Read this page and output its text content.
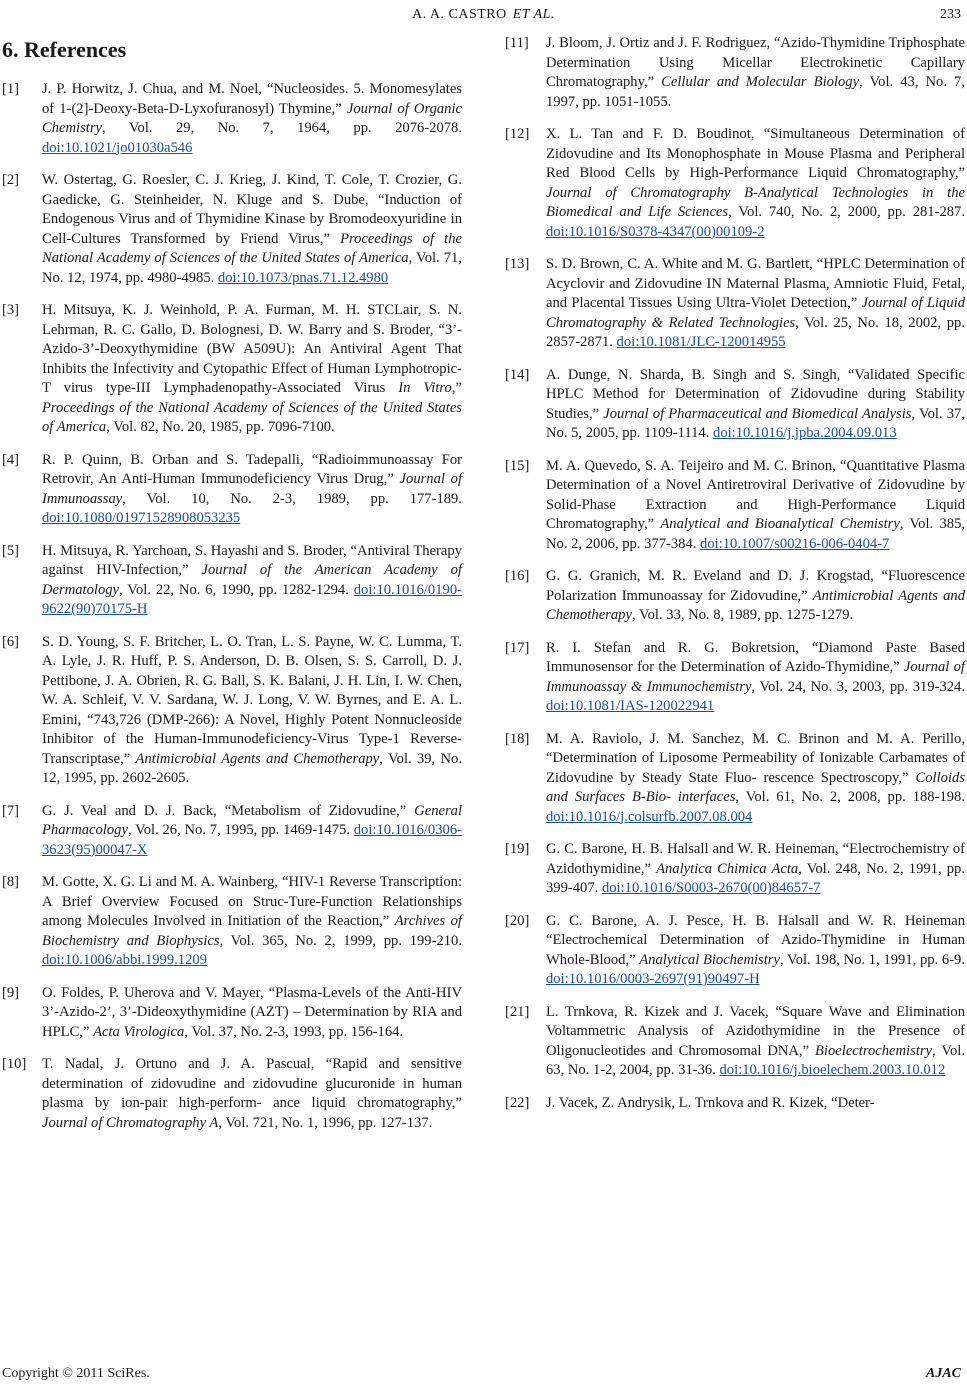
A. A. CASTRO ET AL.	233
6. References
[1] J. P. Horwitz, J. Chua, and M. Noel, “Nucleosides. 5. Monomesylates of 1-(2]-Deoxy-Beta-D-Lyxofuranosyl) Thymine,” Journal of Organic Chemistry, Vol. 29, No. 7, 1964, pp. 2076-2078. doi:10.1021/jo01030a546
[2] W. Ostertag, G. Roesler, C. J. Krieg, J. Kind, T. Cole, T. Crozier, G. Gaedicke, G. Steinheider, N. Kluge and S. Dube, “Induction of Endogenous Virus and of Thymidine Kinase by Bromodeoxyuridine in Cell-Cultures Transformed by Friend Virus,” Proceedings of the National Academy of Sciences of the United States of America, Vol. 71, No. 12, 1974, pp. 4980-4985. doi:10.1073/pnas.71.12.4980
[3] H. Mitsuya, K. J. Weinhold, P. A. Furman, M. H. STCLair, S. N. Lehrman, R. C. Gallo, D. Bolognesi, D. W. Barry and S. Broder, “3’-Azido-3’-Deoxythymidine (BW A509U): An Antiviral Agent That Inhibits the Infectivity and Cytopathic Effect of Human Lymphotropic-T virus type-III Lymphadenopathy-Associated Virus In Vitro,” Proceedings of the National Academy of Sciences of the United States of America, Vol. 82, No. 20, 1985, pp. 7096-7100.
[4] R. P. Quinn, B. Orban and S. Tadepalli, “Radioimmunoassay For Retrovir, An Anti-Human Immunodeficiency Virus Drug,” Journal of Immunoassay, Vol. 10, No. 2-3, 1989, pp. 177-189. doi:10.1080/01971528908053235
[5] H. Mitsuya, R. Yarchoan, S. Hayashi and S. Broder, “Antiviral Therapy against HIV-Infection,” Journal of the American Academy of Dermatology, Vol. 22, No. 6, 1990, pp. 1282-1294. doi:10.1016/0190-9622(90)70175-H
[6] S. D. Young, S. F. Britcher, L. O. Tran, L. S. Payne, W. C. Lumma, T. A. Lyle, J. R. Huff, P. S. Anderson, D. B. Olsen, S. S. Carroll, D. J. Pettibone, J. A. Obrien, R. G. Ball, S. K. Balani, J. H. Lin, I. W. Chen, W. A. Schleif, V. V. Sardana, W. J. Long, V. W. Byrnes, and E. A. L. Emini, “743,726 (DMP-266): A Novel, Highly Potent Nonnucleoside Inhibitor of the Human-Immunodeficiency-Virus Type-1 Reverse-Transcriptase,” Antimicrobial Agents and Chemotherapy, Vol. 39, No. 12, 1995, pp. 2602-2605.
[7] G. J. Veal and D. J. Back, “Metabolism of Zidovudine,” General Pharmacology, Vol. 26, No. 7, 1995, pp. 1469-1475. doi:10.1016/0306-3623(95)00047-X
[8] M. Gotte, X. G. Li and M. A. Wainberg, “HIV-1 Reverse Transcription: A Brief Overview Focused on Struc-Ture-Function Relationships among Molecules Involved in Initiation of the Reaction,” Archives of Biochemistry and Biophysics, Vol. 365, No. 2, 1999, pp. 199-210. doi:10.1006/abbi.1999.1209
[9] O. Foldes, P. Uherova and V. Mayer, “Plasma-Levels of the Anti-HIV 3’-Azido-2’, 3’-Dideoxythymidine (AZT) – Determination by RIA and HPLC,” Acta Virologica, Vol. 37, No. 2-3, 1993, pp. 156-164.
[10] T. Nadal, J. Ortuno and J. A. Pascual, “Rapid and sensitive determination of zidovudine and zidovudine glucuronide in human plasma by ion-pair high-perform- ance liquid chromatography,” Journal of Chromatography A, Vol. 721, No. 1, 1996, pp. 127-137.
[11] J. Bloom, J. Ortiz and J. F. Rodriguez, “Azido-Thymidine Triphosphate Determination Using Micellar Electrokinetic Capillary Chromatography,” Cellular and Molecular Biology, Vol. 43, No. 7, 1997, pp. 1051-1055.
[12] X. L. Tan and F. D. Boudinot, “Simultaneous Determination of Zidovudine and Its Monophosphate in Mouse Plasma and Peripheral Red Blood Cells by High-Performance Liquid Chromatography,” Journal of Chromatography B-Analytical Technologies in the Biomedical and Life Sciences, Vol. 740, No. 2, 2000, pp. 281-287. doi:10.1016/S0378-4347(00)00109-2
[13] S. D. Brown, C. A. White and M. G. Bartlett, “HPLC Determination of Acyclovir and Zidovudine IN Maternal Plasma, Amniotic Fluid, Fetal, and Placental Tissues Using Ultra-Violet Detection,” Journal of Liquid Chromatography & Related Technologies, Vol. 25, No. 18, 2002, pp. 2857-2871. doi:10.1081/JLC-120014955
[14] A. Dunge, N. Sharda, B. Singh and S. Singh, “Validated Specific HPLC Method for Determination of Zidovudine during Stability Studies,” Journal of Pharmaceutical and Biomedical Analysis, Vol. 37, No. 5, 2005, pp. 1109-1114. doi:10.1016/j.jpba.2004.09.013
[15] M. A. Quevedo, S. A. Teijeiro and M. C. Brinon, “Quantitative Plasma Determination of a Novel Antiretroviral Derivative of Zidovudine by Solid-Phase Extraction and High-Performance Liquid Chromatography,” Analytical and Bioanalytical Chemistry, Vol. 385, No. 2, 2006, pp. 377-384. doi:10.1007/s00216-006-0404-7
[16] G. G. Granich, M. R. Eveland and D. J. Krogstad, “Fluorescence Polarization Immunoassay for Zidovudine,” Antimicrobial Agents and Chemotherapy, Vol. 33, No. 8, 1989, pp. 1275-1279.
[17] R. I. Stefan and R. G. Bokretsion, “Diamond Paste Based Immunosensor for the Determination of Azido-Thymidine,” Journal of Immunoassay & Immunochemistry, Vol. 24, No. 3, 2003, pp. 319-324. doi:10.1081/IAS-120022941
[18] M. A. Raviolo, J. M. Sanchez, M. C. Brinon and M. A. Perillo, “Determination of Liposome Permeability of Ionizable Carbamates of Zidovudine by Steady State Fluo- rescence Spectroscopy,” Colloids and Surfaces B-Bio- interfaces, Vol. 61, No. 2, 2008, pp. 188-198. doi:10.1016/j.colsurfb.2007.08.004
[19] G. C. Barone, H. B. Halsall and W. R. Heineman, “Electrochemistry of Azidothymidine,” Analytica Chimica Acta, Vol. 248, No. 2, 1991, pp. 399-407. doi:10.1016/S0003-2670(00)84657-7
[20] G. C. Barone, A. J. Pesce, H. B. Halsall and W. R. Heineman “Electrochemical Determination of Azido-Thymidine in Human Whole-Blood,” Analytical Biochemistry, Vol. 198, No. 1, 1991, pp. 6-9. doi:10.1016/0003-2697(91)90497-H
[21] L. Trnkova, R. Kizek and J. Vacek, “Square Wave and Elimination Voltammetric Analysis of Azidothymidine in the Presence of Oligonucleotides and Chromosomal DNA,” Bioelectrochemistry, Vol. 63, No. 1-2, 2004, pp. 31-36. doi:10.1016/j.bioelechem.2003.10.012
[22] J. Vacek, Z. Andrysik, L. Trnkova and R. Kizek, “Deter-
Copyright © 2011 SciRes.	AJAC
